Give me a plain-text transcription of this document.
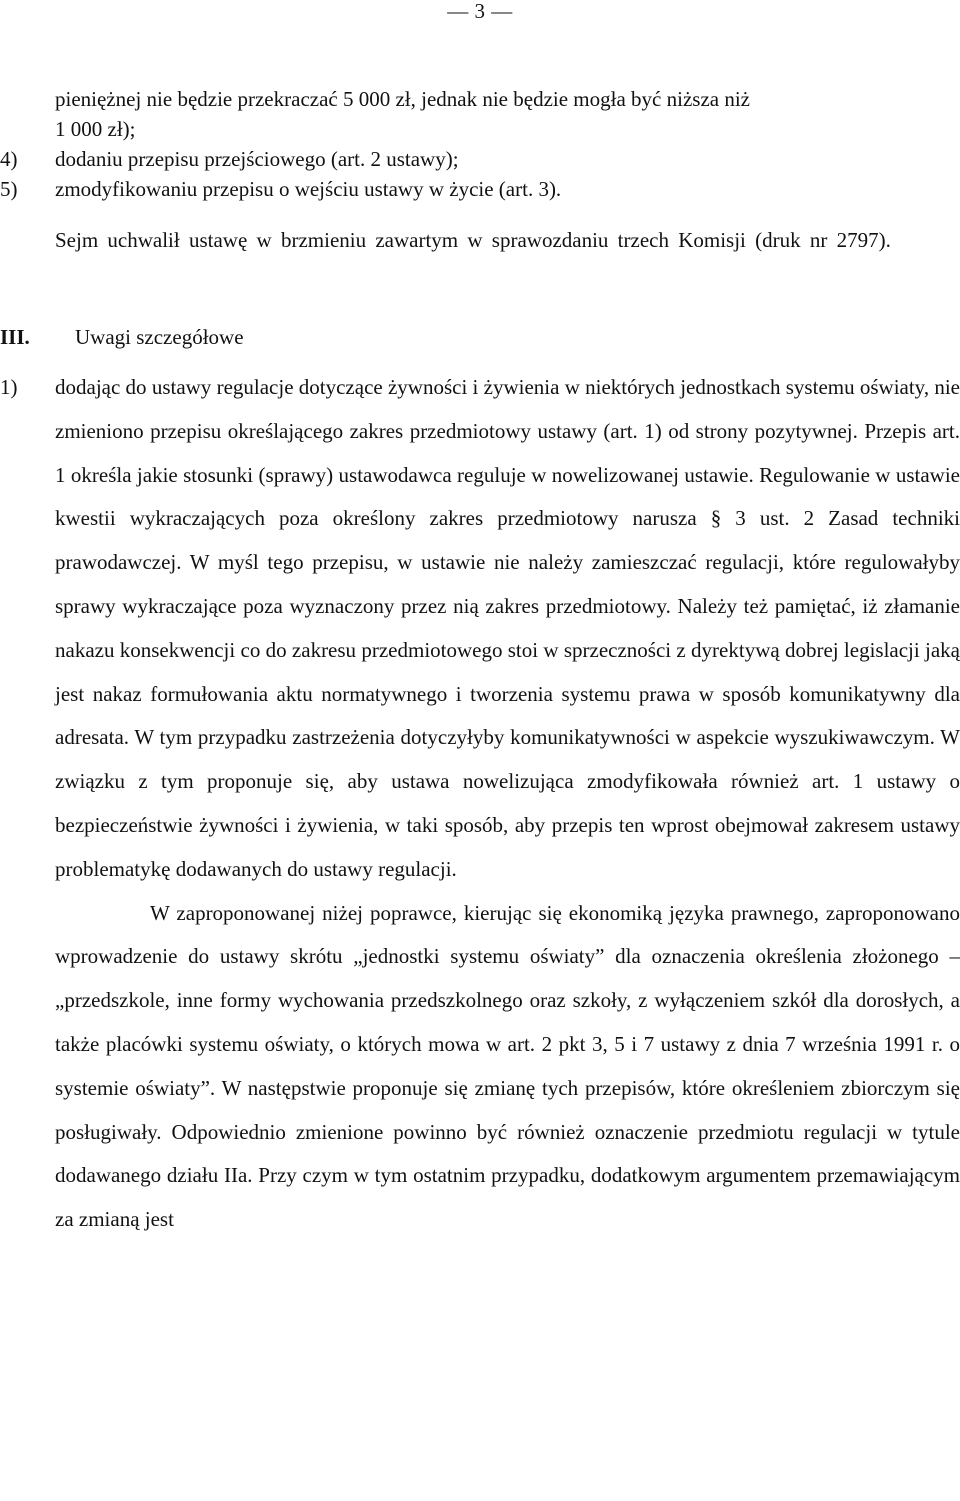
— 3 —
pieniężnej nie będzie przekraczać 5 000 zł, jednak nie będzie mogła być niższa niż
1 000 zł);
4) dodaniu przepisu przejściowego (art. 2 ustawy);
5) zmodyfikowaniu przepisu o wejściu ustawy w życie (art. 3).
Sejm uchwalił ustawę w brzmieniu zawartym w sprawozdaniu trzech Komisji (druk nr 2797).
III. Uwagi szczegółowe
1) dodając do ustawy regulacje dotyczące żywności i żywienia w niektórych jednostkach systemu oświaty, nie zmieniono przepisu określającego zakres przedmiotowy ustawy (art. 1) od strony pozytywnej. Przepis art. 1 określa jakie stosunki (sprawy) ustawodawca reguluje w nowelizowanej ustawie. Regulowanie w ustawie kwestii wykraczających poza określony zakres przedmiotowy narusza § 3 ust. 2 Zasad techniki prawodawczej. W myśl tego przepisu, w ustawie nie należy zamieszczać regulacji, które regulowałyby sprawy wykraczające poza wyznaczony przez nią zakres przedmiotowy. Należy też pamiętać, iż złamanie nakazu konsekwencji co do zakresu przedmiotowego stoi w sprzeczności z dyrektywą dobrej legislacji jaką jest nakaz formułowania aktu normatywnego i tworzenia systemu prawa w sposób komunikatywny dla adresata. W tym przypadku zastrzeżenia dotyczyłyby komunikatywności w aspekcie wyszukiwawczym. W związku z tym proponuje się, aby ustawa nowelizująca zmodyfikowała również art. 1 ustawy o bezpieczeństwie żywności i żywienia, w taki sposób, aby przepis ten wprost obejmował zakresem ustawy problematykę dodawanych do ustawy regulacji.
W zaproponowanej niżej poprawce, kierując się ekonomiką języka prawnego, zaproponowano wprowadzenie do ustawy skrótu „jednostki systemu oświaty” dla oznaczenia określenia złożonego – „przedszkole, inne formy wychowania przedszkolnego oraz szkoły, z wyłączeniem szkół dla dorosłych, a także placówki systemu oświaty, o których mowa w art. 2 pkt 3, 5 i 7 ustawy z dnia 7 września 1991 r. o systemie oświaty”. W następstwie proponuje się zmianę tych przepisów, które określeniem zbiorczym się posługiwały. Odpowiednio zmienione powinno być również oznaczenie przedmiotu regulacji w tytule dodawanego działu IIa. Przy czym w tym ostatnim przypadku, dodatkowym argumentem przemawiającym za zmianą jest
